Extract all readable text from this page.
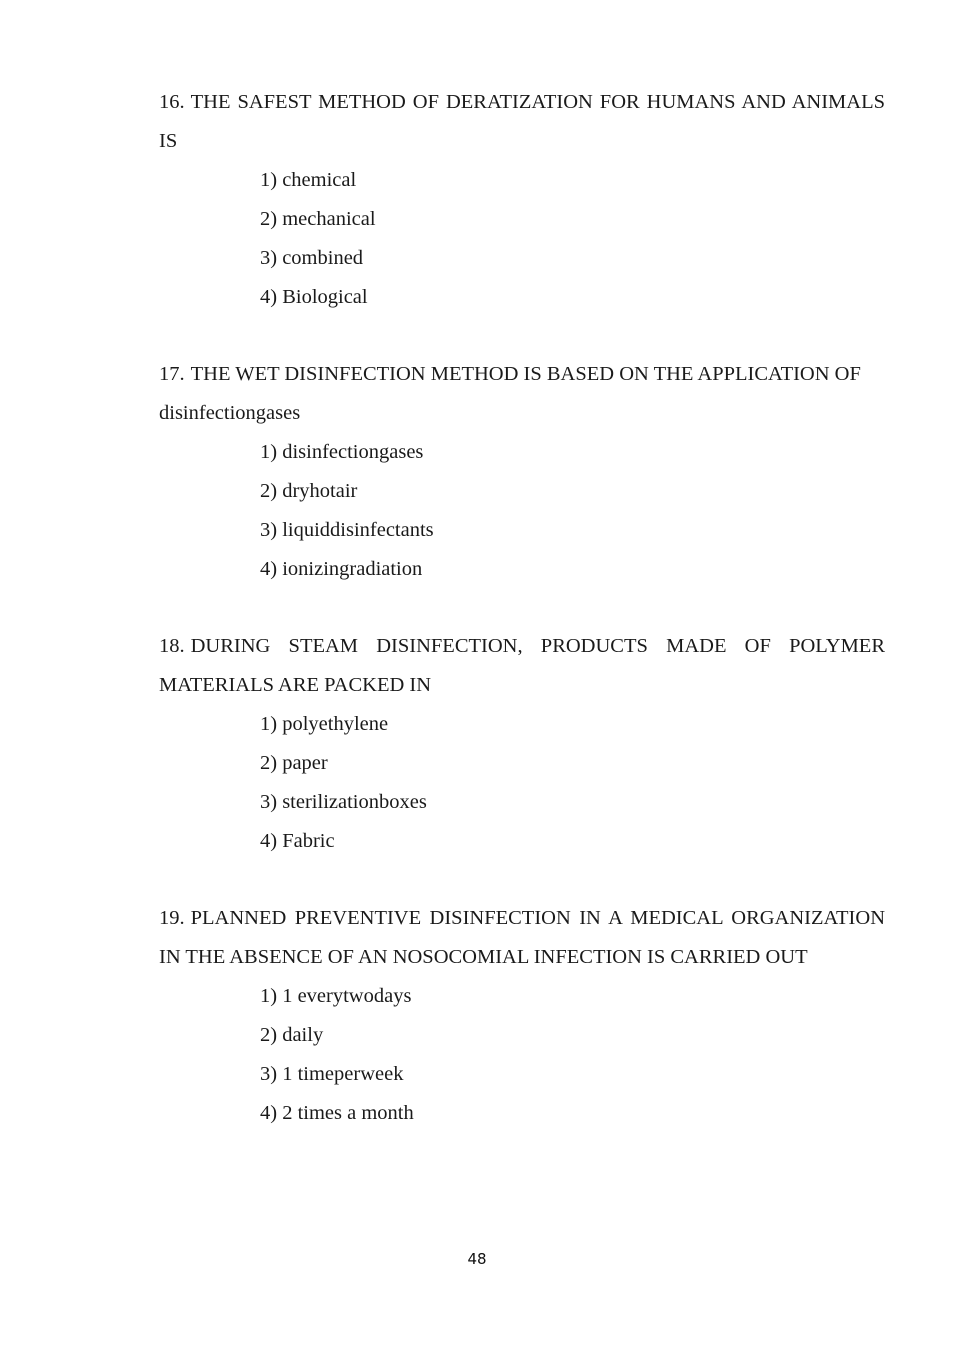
16. THE SAFEST METHOD OF DERATIZATION FOR HUMANS AND ANIMALS IS

1) chemical
2) mechanical
3) combined
4) Biological

17. THE WET DISINFECTION METHOD IS BASED ON THE APPLICATION OF

disinfectiongases

1) disinfectiongases
2) dryhotair
3) liquiddisinfectants
4) ionizingradiation

18. DURING STEAM DISINFECTION, PRODUCTS MADE OF POLYMER MATERIALS ARE PACKED IN

1) polyethylene
2) paper
3) sterilizationboxes
4) Fabric

19. PLANNED PREVENTIVE DISINFECTION IN A MEDICAL ORGANIZATION IN THE ABSENCE OF AN NOSOCOMIAL INFECTION IS CARRIED OUT

1) 1 everytwodays
2) daily
3) 1 timeperweek
4) 2 times a month
48
